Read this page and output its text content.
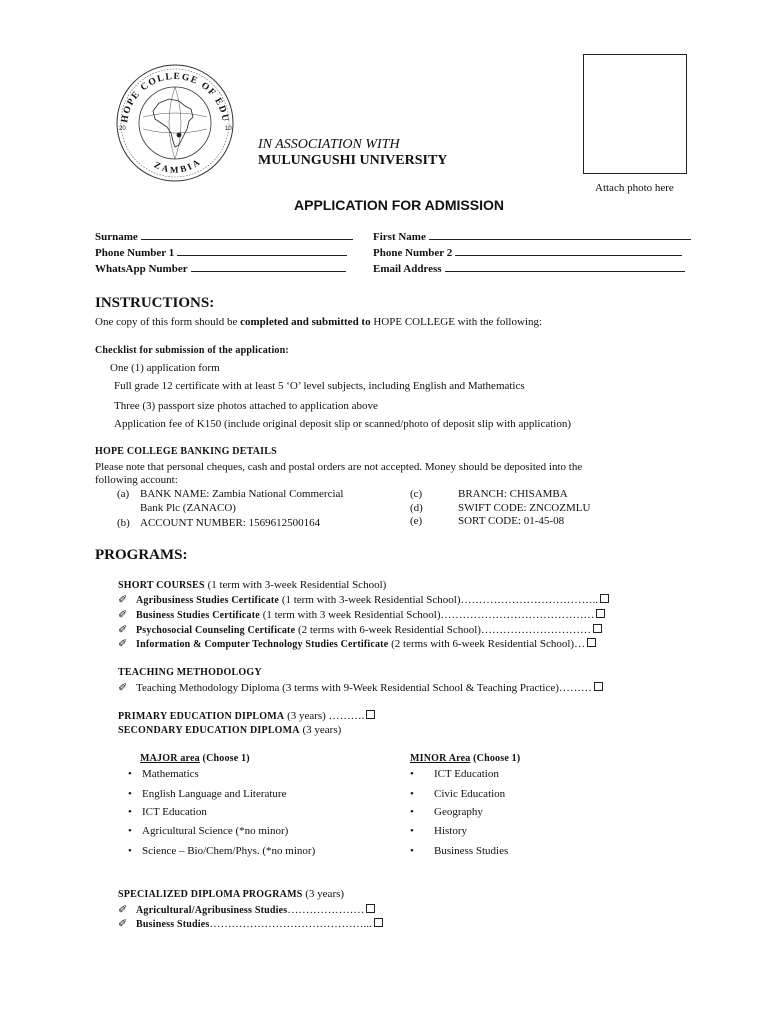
HOPE COLLEGE OF EDU
ZAMBIA
20	10
IN ASSOCIATION WITH
MULUNGUSHI UNIVERSITY
Attach photo here
APPLICATION FOR ADMISSION
Surname	First Name
Phone Number 1	Phone Number 2
WhatsApp Number	Email Address
INSTRUCTIONS:
One copy of this form should be completed and submitted to HOPE COLLEGE with the following:
Checklist for submission of the application:
One (1) application form
Full grade 12 certificate with at least 5 ‘O’ level subjects, including English and Mathematics
Three (3) passport size photos attached to application above
Application fee of K150 (include original deposit slip or scanned/photo of deposit slip with application)
HOPE COLLEGE BANKING DETAILS
Please note that personal cheques, cash and postal orders are not accepted. Money should be deposited into the
following account:
(a) BANK NAME: Zambia National Commercial
Bank Plc (ZANACO)
(b) ACCOUNT NUMBER: 1569612500164
(c)	BRANCH: CHISAMBA
(d)	SWIFT CODE: ZNCOZMLU
(e)	SORT CODE: 01-45-08
PROGRAMS:
SHORT COURSES (1 term with 3-week Residential School)
✐ Agribusiness Studies Certificate (1 term with 3-week Residential School)………………………………..
✐ Business Studies Certificate (1 term with 3 week Residential School)……………………………………
✐ Psychosocial Counseling Certificate (2 terms with 6-week Residential School)…………………………
✐ Information & Computer Technology Studies Certificate (2 terms with 6-week Residential School)…
TEACHING METHODOLOGY
✐ Teaching Methodology Diploma (3 terms with 9-Week Residential School & Teaching Practice)………
PRIMARY EDUCATION DIPLOMA (3 years) ……….
SECONDARY EDUCATION DIPLOMA (3 years)
MAJOR area (Choose 1)
• Mathematics
• English Language and Literature
• ICT Education
• Agricultural Science (*no minor)
• Science – Bio/Chem/Phys. (*no minor)
MINOR Area (Choose 1)
• ICT Education
• Civic Education
• Geography
• History
• Business Studies
SPECIALIZED DIPLOMA PROGRAMS (3 years)
✐ Agricultural/Agribusiness Studies…………………
✐ Business Studies……………………………………...
